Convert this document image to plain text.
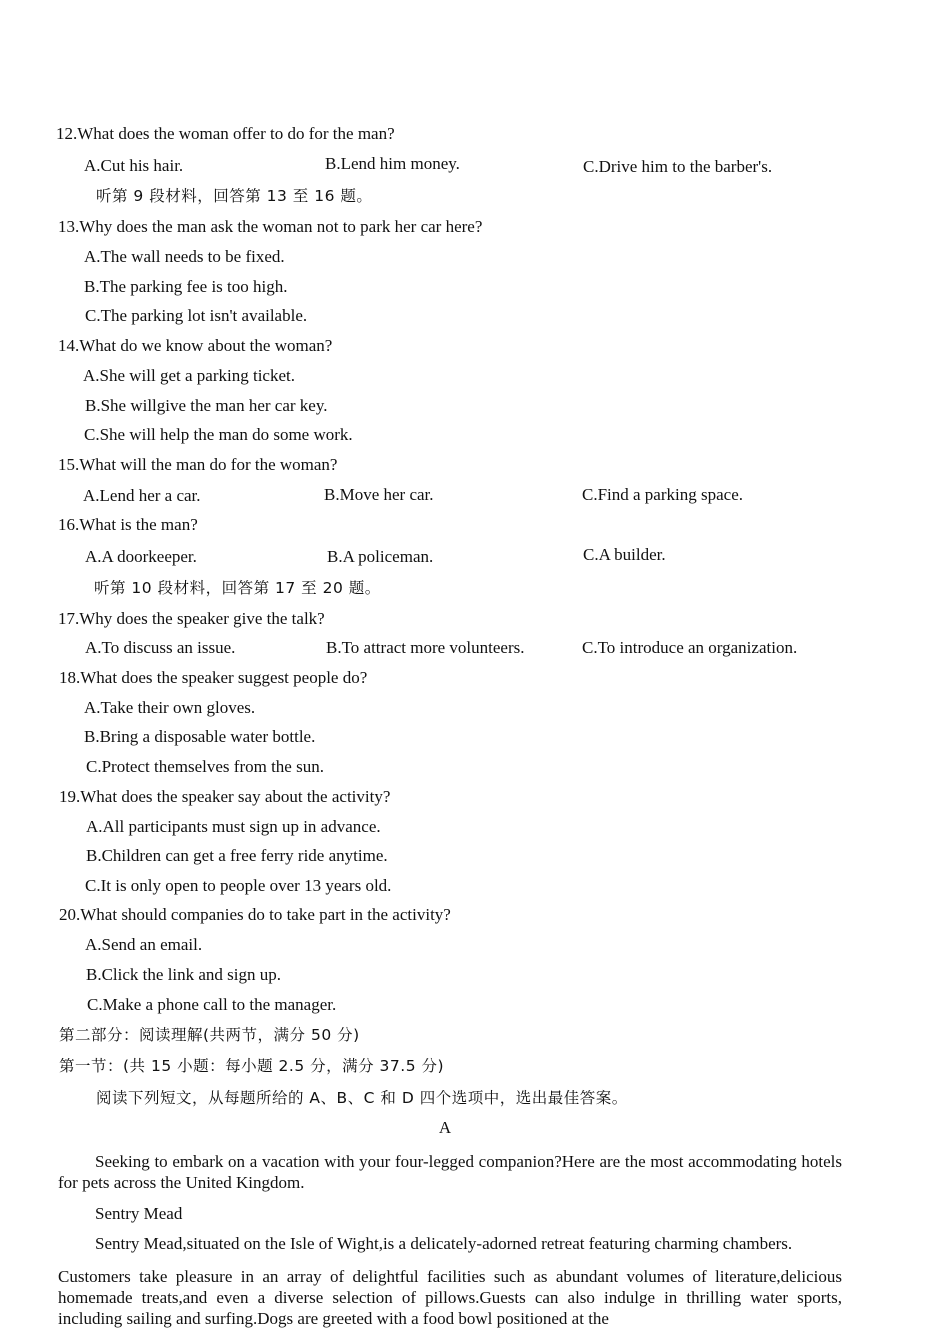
12.What does the woman offer to do for the man?
A.Cut his hair.	B.Lend him money.	C.Drive him to the barber's.
听第 9 段材料，回答第 13 至 16 题。
13.Why does the man ask the woman not to park her car here?
A.The wall needs to be fixed.
B.The parking fee is too high.
C.The parking lot isn't available.
14.What do we know about the woman?
A.She will get a parking ticket.
B.She willgive the man her car key.
C.She will help the man do some work.
15.What will the man do for the woman?
A.Lend her a car.	B.Move her car.	C.Find a parking space.
16.What is the man?
A.A doorkeeper.	B.A policeman.	C.A builder.
听第 10 段材料，回答第 17 至 20 题。
17.Why does the speaker give the talk?
A.To discuss an issue.	B.To attract more volunteers.	C.To introduce an organization.
18.What does the speaker suggest people do?
A.Take their own gloves.
B.Bring a disposable water bottle.
C.Protect themselves from the sun.
19.What does the speaker say about the activity?
A.All participants must sign up in advance.
B.Children can get a free ferry ride anytime.
C.It is only open to people over 13 years old.
20.What should companies do to take part in the activity?
A.Send an email.
B.Click the link and sign up.
C.Make a phone call to the manager.
第二部分：阅读理解(共两节，满分 50 分)
第一节：(共 15 小题：每小题 2.5 分，满分 37.5 分)
阅读下列短文，从每题所给的 A、B、C 和 D 四个选项中，选出最佳答案。
A
Seeking to embark on a vacation with your four-legged companion?Here are the most accommodating hotels for pets across the United Kingdom.
Sentry Mead
Sentry Mead,situated on the Isle of Wight,is a delicately-adorned retreat featuring charming chambers.
Customers take pleasure in an array of delightful facilities such as abundant volumes of literature,delicious homemade treats,and even a diverse selection of pillows.Guests can also indulge in thrilling water sports, including sailing and surfing.Dogs are greeted with a food bowl positioned at the
